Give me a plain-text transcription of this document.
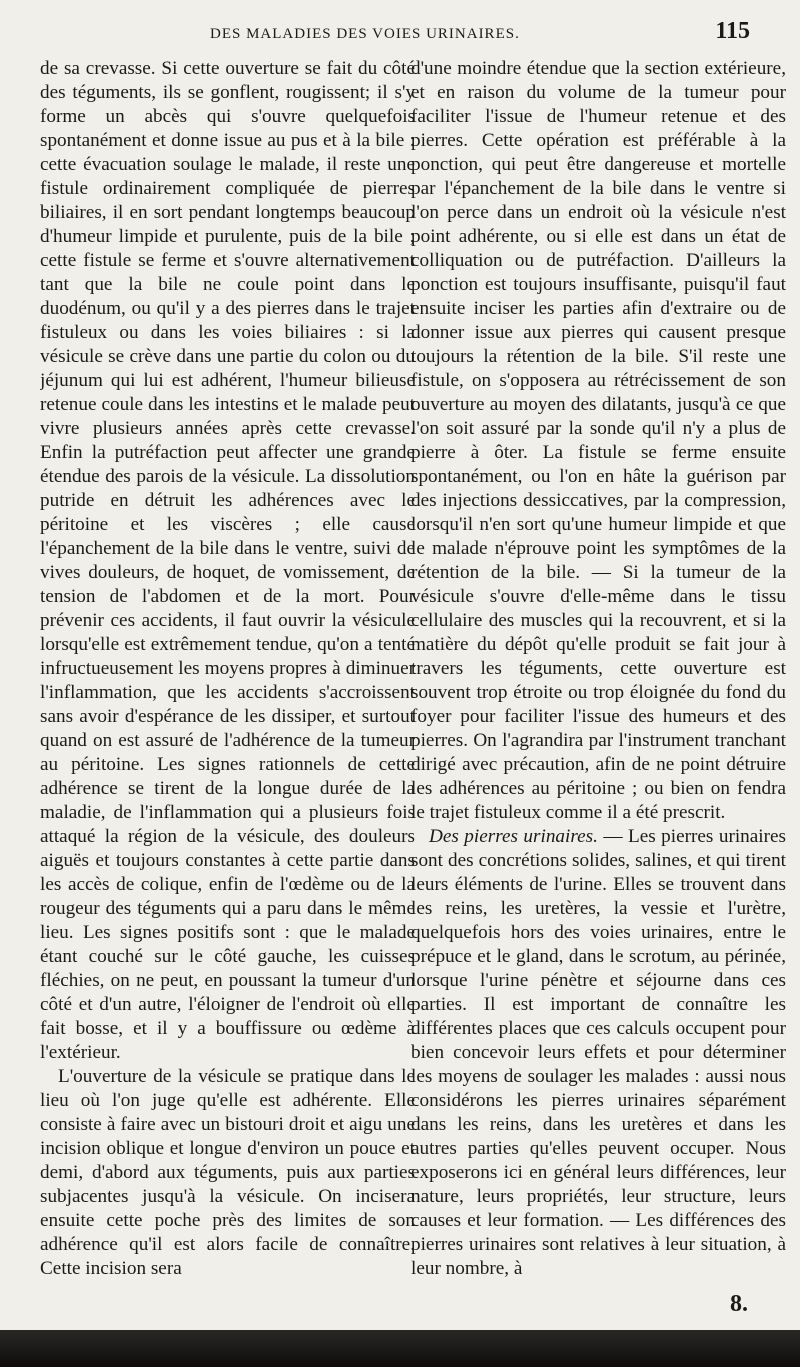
DES MALADIES DES VOIES URINAIRES.	115

de sa crevasse. Si cette ouverture se fait du côté des téguments, ils se gonflent, rougissent; il s'y forme un abcès qui s'ouvre quelquefois spontanément et donne issue au pus et à la bile : cette évacuation soulage le malade, il reste une fistule ordinairement compliquée de pierres biliaires, il en sort pendant longtemps beaucoup d'humeur limpide et purulente, puis de la bile ; cette fistule se ferme et s'ouvre alternativement tant que la bile ne coule point dans le duodénum, ou qu'il y a des pierres dans le trajet fistuleux ou dans les voies biliaires : si la vésicule se crève dans une partie du colon ou du jéjunum qui lui est adhérent, l'humeur bilieuse retenue coule dans les intestins et le malade peut vivre plusieurs années après cette crevasse. Enfin la putréfaction peut affecter une grande étendue des parois de la vésicule. La dissolution putride en détruit les adhérences avec le péritoine et les viscères ; elle cause l'épanchement de la bile dans le ventre, suivi de vives douleurs, de hoquet, de vomissement, de tension de l'abdomen et de la mort. Pour prévenir ces accidents, il faut ouvrir la vésicule lorsqu'elle est extrêmement tendue, qu'on a tenté infructueusement les moyens propres à diminuer l'inflammation, que les accidents s'accroissent sans avoir d'espérance de les dissiper, et surtout quand on est assuré de l'adhérence de la tumeur au péritoine. Les signes rationnels de cette adhérence se tirent de la longue durée de la maladie, de l'inflammation qui a plusieurs fois attaqué la région de la vésicule, des douleurs aiguës et toujours constantes à cette partie dans les accès de colique, enfin de l'œdème ou de la rougeur des téguments qui a paru dans le même lieu. Les signes positifs sont : que le malade étant couché sur le côté gauche, les cuisses fléchies, on ne peut, en poussant la tumeur d'un côté et d'un autre, l'éloigner de l'endroit où elle fait bosse, et il y a bouffissure ou œdème à l'extérieur.

L'ouverture de la vésicule se pratique dans le lieu où l'on juge qu'elle est adhérente. Elle consiste à faire avec un bistouri droit et aigu une incision oblique et longue d'environ un pouce et demi, d'abord aux téguments, puis aux parties subjacentes jusqu'à la vésicule. On incisera ensuite cette poche près des limites de son adhérence qu'il est alors facile de connaître. Cette incision sera

d'une moindre étendue que la section extérieure, et en raison du volume de la tumeur pour faciliter l'issue de l'humeur retenue et des pierres. Cette opération est préférable à la ponction, qui peut être dangereuse et mortelle par l'épanchement de la bile dans le ventre si l'on perce dans un endroit où la vésicule n'est point adhérente, ou si elle est dans un état de colliquation ou de putréfaction. D'ailleurs la ponction est toujours insuffisante, puisqu'il faut ensuite inciser les parties afin d'extraire ou de donner issue aux pierres qui causent presque toujours la rétention de la bile. S'il reste une fistule, on s'opposera au rétrécissement de son ouverture au moyen des dilatants, jusqu'à ce que l'on soit assuré par la sonde qu'il n'y a plus de pierre à ôter. La fistule se ferme ensuite spontanément, ou l'on en hâte la guérison par des injections dessiccatives, par la compression, lorsqu'il n'en sort qu'une humeur limpide et que le malade n'éprouve point les symptômes de la rétention de la bile. — Si la tumeur de la vésicule s'ouvre d'elle-même dans le tissu cellulaire des muscles qui la recouvrent, et si la matière du dépôt qu'elle produit se fait jour à travers les téguments, cette ouverture est souvent trop étroite ou trop éloignée du fond du foyer pour faciliter l'issue des humeurs et des pierres. On l'agrandira par l'instrument tranchant dirigé avec précaution, afin de ne point détruire les adhérences au péritoine ; ou bien on fendra le trajet fistuleux comme il a été prescrit.

Des pierres urinaires. — Les pierres urinaires sont des concrétions solides, salines, et qui tirent leurs éléments de l'urine. Elles se trouvent dans les reins, les uretères, la vessie et l'urètre, quelquefois hors des voies urinaires, entre le prépuce et le gland, dans le scrotum, au périnée, lorsque l'urine pénètre et séjourne dans ces parties. Il est important de connaître les différentes places que ces calculs occupent pour bien concevoir leurs effets et pour déterminer les moyens de soulager les malades : aussi nous considérons les pierres urinaires séparément dans les reins, dans les uretères et dans les autres parties qu'elles peuvent occuper. Nous exposerons ici en général leurs différences, leur nature, leurs propriétés, leur structure, leurs causes et leur formation. — Les différences des pierres urinaires sont relatives à leur situation, à leur nombre, à

8.
